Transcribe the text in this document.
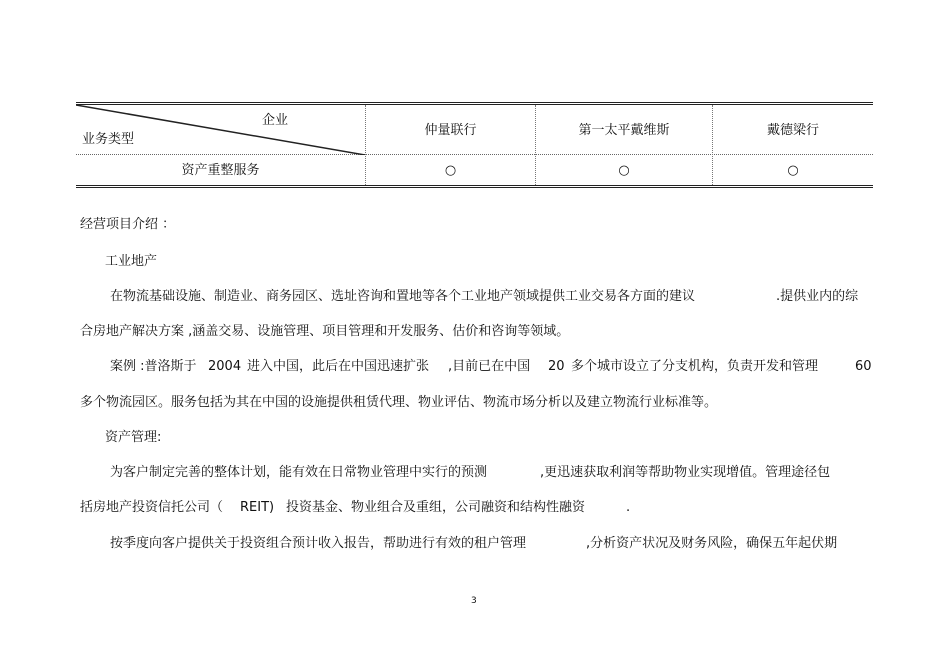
企业
业务类型
仲量联行	第一太平戴维斯	戴德梁行
资产重整服务	○	○	○
经营项目介绍 ：
工业地产
在物流基础设施、制造业、商务园区、选址咨询和置地等各个工业地产领域提供工业交易各方面的建议	.提供业内的综
合房地产解决方案 ,涵盖交易、设施管理、项目管理和开发服务、估价和咨询等领域。
案例 :普洛斯于 2004 进入中国，此后在中国迅速扩张 ,目前已在中国 20 多个城市设立了分支机构，负责开发和管理	60
多个物流园区。服务包括为其在中国的设施提供租赁代理、物业评估、物流市场分析以及建立物流行业标准等。
资产管理:
为客户制定完善的整体计划，能有效在日常物业管理中实行的预测	,更迅速获取利润等帮助物业实现增值。管理途径包
括房地产投资信托公司（ REIT) 投资基金、物业组合及重组，公司融资和结构性融资	.
按季度向客户提供关于投资组合预计收入报告，帮助进行有效的租户管理	,分析资产状况及财务风险，确保五年起伏期
3
